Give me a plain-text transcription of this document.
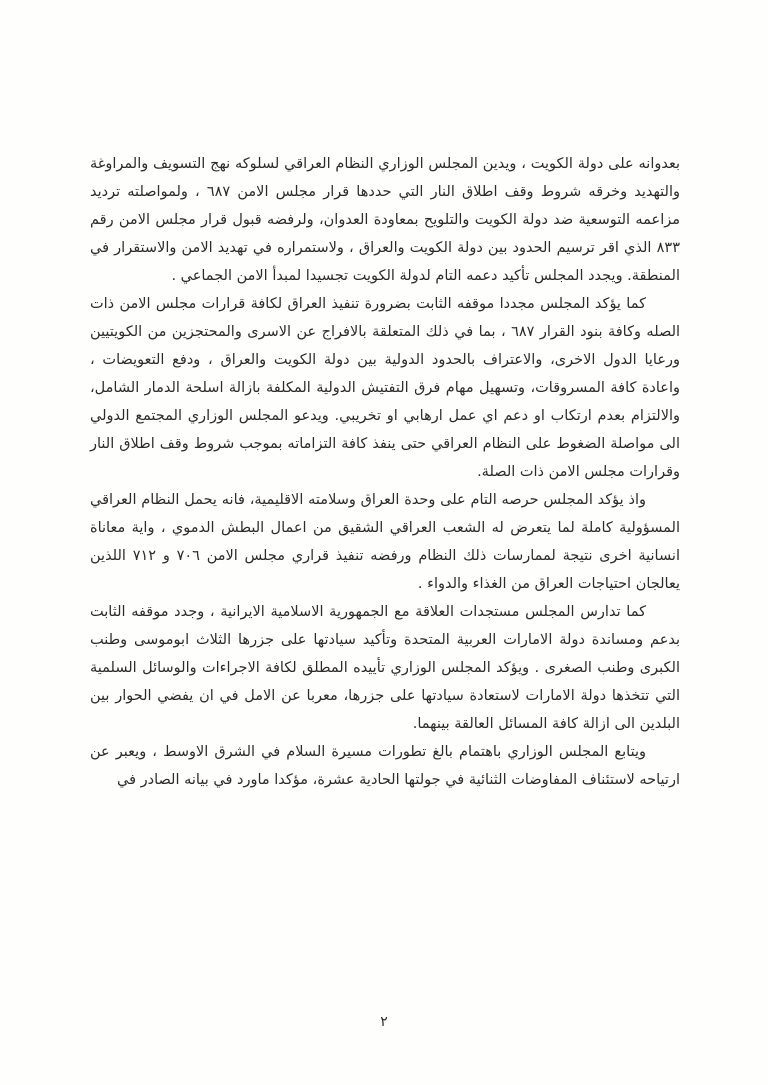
بعدوانه على دولة الكويت ، ويدين المجلس الوزاري النظام العراقي لسلوكه نهج التسويف والمراوغة والتهديد وخرقه شروط وقف اطلاق النار التي حددها قرار مجلس الامن ٦٨٧ ، ولمواصلته ترديد مزاعمه التوسعية ضد دولة الكويت والتلويح بمعاودة العدوان، ولرفضه قبول قرار مجلس الامن رقم ٨٣٣ الذي اقر ترسيم الحدود بين دولة الكويت والعراق ، ولاستمراره في تهديد الامن والاستقرار في المنطقة. ويجدد المجلس تأكيد دعمه التام لدولة الكويت تجسيدا لمبدأ الامن الجماعي .

كما يؤكد المجلس مجددا موقفه الثابت بضرورة تنفيذ العراق لكافة قرارات مجلس الامن ذات الصله وكافة بنود القرار ٦٨٧ ، بما في ذلك المتعلقة بالافراج عن الاسرى والمحتجزين من الكويتيين ورعايا الدول الاخرى، والاعتراف بالحدود الدولية بين دولة الكويت والعراق ، ودفع التعويضات ، واعادة كافة المسروقات، وتسهيل مهام فرق التفتيش الدولية المكلفة بازالة اسلحة الدمار الشامل، والالتزام بعدم ارتكاب او دعم اي عمل ارهابي او تخريبي. ويدعو المجلس الوزاري المجتمع الدولي الى مواصلة الضغوط على النظام العراقي حتى ينفذ كافة التزاماته بموجب شروط وقف اطلاق النار وقرارات مجلس الامن ذات الصلة.

واذ يؤكد المجلس حرصه التام على وحدة العراق وسلامته الاقليمية، فانه يحمل النظام العراقي المسؤولية كاملة لما يتعرض له الشعب العراقي الشقيق من اعمال البطش الدموي ، واية معاناة انسانية اخرى نتيجة لممارسات ذلك النظام ورفضه تنفيذ قراري مجلس الامن ٧٠٦ و ٧١٢ اللذين يعالجان احتياجات العراق من الغذاء والدواء .

كما تدارس المجلس مستجدات العلاقة مع الجمهورية الاسلامية الايرانية ، وجدد موقفه الثابت بدعم ومساندة دولة الامارات العربية المتحدة وتأكيد سيادتها على جزرها الثلاث ابوموسى وطنب الكبرى وطنب الصغرى . ويؤكد المجلس الوزاري تأييده المطلق لكافة الاجراءات والوسائل السلمية التي تتخذها دولة الامارات لاستعادة سيادتها على جزرها، معربا عن الامل في ان يفضي الحوار بين البلدين الى ازالة كافة المسائل العالقة بينهما.

ويتابع المجلس الوزاري باهتمام بالغ تطورات مسيرة السلام في الشرق الاوسط ، ويعبر عن ارتياحه لاستئناف المفاوضات الثنائية في جولتها الحادية عشرة، مؤكدا ماورد في بيانه الصادر في

٢
